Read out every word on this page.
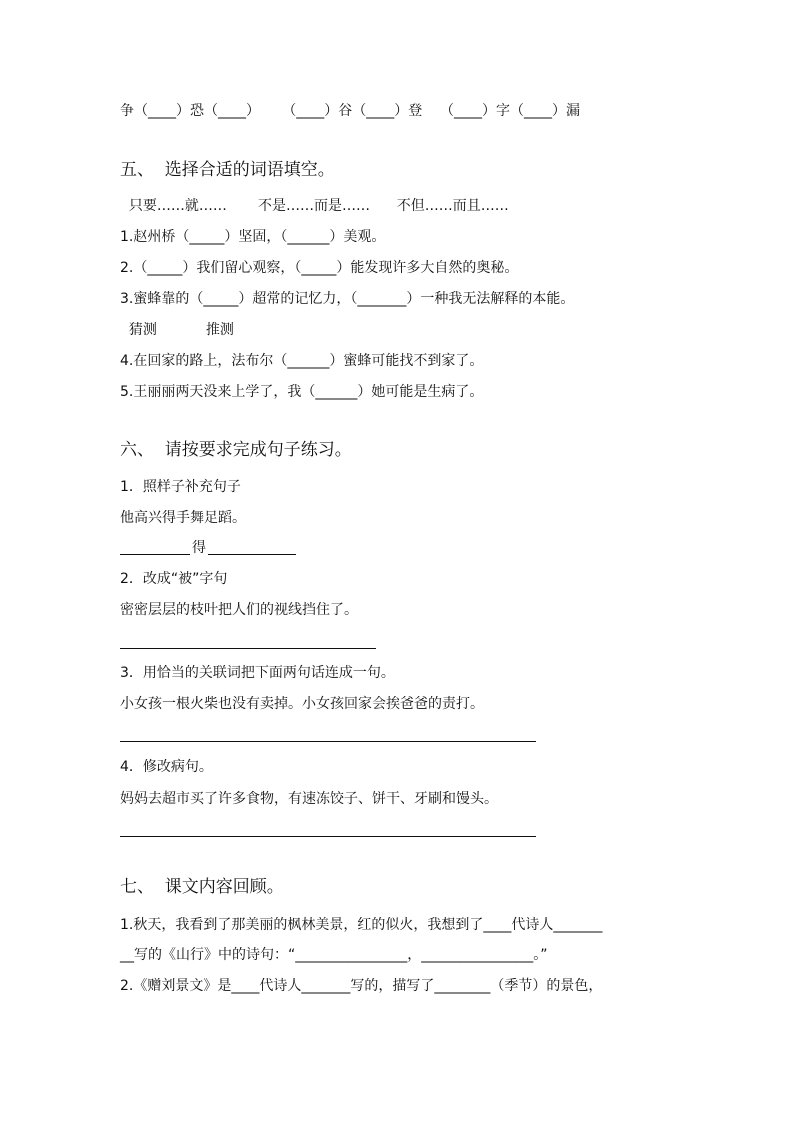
争（____）恐（____）     （____）谷（____）登    （____）字（____）漏
五、  选择合适的词语填空。
只要……就……       不是……而是……      不但……而且……
1.赵州桥（_____）坚固，（______）美观。
2.（_____）我们留心观察，（_____）能发现许多大自然的奥秘。
3.蜜蜂靠的（_____）超常的记忆力，（_______）一种我无法解释的本能。
猜测           推测
4.在回家的路上，法布尔（______）蜜蜂可能找不到家了。
5.王丽丽两天没来上学了，我（______）她可能是生病了。
六、  请按要求完成句子练习。
1．照样子补充句子
他高兴得手舞足蹈。
得
2．改成“被”字句
密密层层的枝叶把人们的视线挡住了。
3．用恰当的关联词把下面两句话连成一句。
小女孩一根火柴也没有卖掉。小女孩回家会挨爸爸的责打。
4．修改病句。
妈妈去超市买了许多食物，有速冻饺子、饼干、牙刷和馒头。
七、  课文内容回顾。
1.秋天，我看到了那美丽的枫林美景，红的似火，我想到了____代诗人_______
__写的《山行》中的诗句：“________________，________________。”
2.《赠刘景文》是____代诗人_______写的，描写了________（季节）的景色，
